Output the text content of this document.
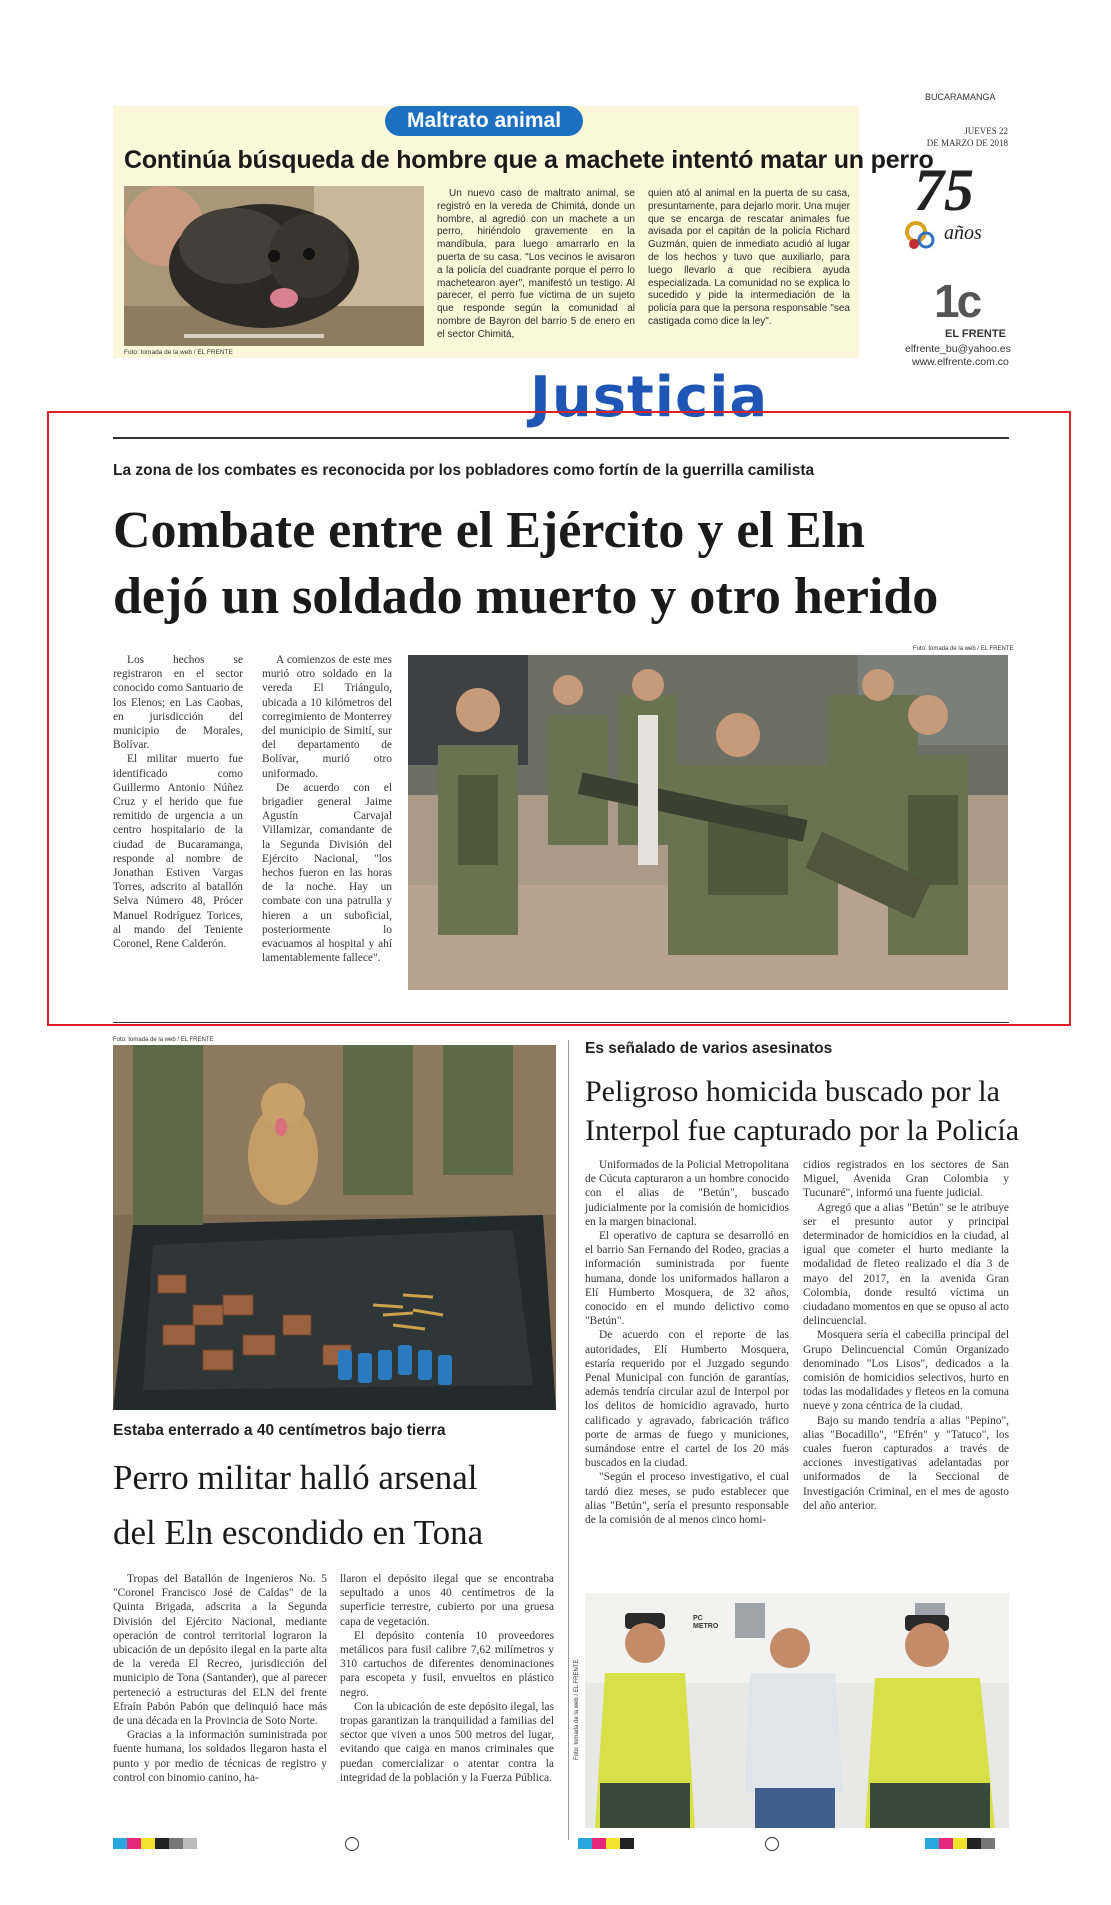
Maltrato animal
Continúa búsqueda de hombre que a machete intentó matar un perro
Foto: tomada de la web / EL FRENTE

Un nuevo caso de maltrato animal, se registró en la vereda de Chimitá, donde un hombre, al agredió con un machete a un perro, hiriéndolo gravemente en la mandíbula, para luego amarrarlo en la puerta de su casa. "Los vecinos le avisaron a la policía del cuadrante porque el perro lo machetearon ayer", manifestó un testigo. Al parecer, el perro fue víctima de un sujeto que responde según la comunidad al nombre de Bayron del barrio 5 de enero en el sector Chimitá,

quien ató al animal en la puerta de su casa, presuntamente, para dejarlo morir. Una mujer que se encarga de rescatar animales fue avisada por el capitán de la policía Richard Guzmán, quien de inmediato acudió al lugar de los hechos y tuvo que auxiliarlo, para luego llevarlo a que recibiera ayuda especializada. La comunidad no se explica lo sucedido y pide la intermediación de la policía para que la persona responsable "sea castigada como dice la ley".

BUCARAMANGA
JUEVES 22
DE MARZO DE 2018
75
años
1c
EL FRENTE
elfrente_bu@yahoo.es
www.elfrente.com.co
Justicia
La zona de los combates es reconocida por los pobladores como fortín de la guerrilla camilista
Combate entre el Ejército y el Eln
dejó un soldado muerto y otro herido

Los hechos se registraron en el sector conocido como Santuario de los Elenos; en Las Caobas, en jurisdicción del municipio de Morales, Bolívar.

El militar muerto fue identificado como Guillermo Antonio Núñez Cruz y el herido que fue remitido de urgencia a un centro hospitalario de la ciudad de Bucaramanga, responde al nombre de Jonathan Estiven Vargas Torres, adscrito al batallón Selva Número 48, Prócer Manuel Rodríguez Torices, al mando del Teniente Coronel, Rene Calderón.

A comienzos de este mes murió otro soldado en la vereda El Triángulo, ubicada a 10 kilómetros del corregimiento de Monterrey del municipio de Simití, sur del departamento de Bolívar, murió otro uniformado.

De acuerdo con el brigadier general Jaime Agustín Carvajal Villamizar, comandante de la Segunda División del Ejército Nacional, "los hechos fueron en las horas de la noche. Hay un combate con una patrulla y hieren a un suboficial, posteriormente lo evacuamos al hospital y ahí lamentablemente fallece".

Foto: tomada de la web / EL FRENTE
Foto: tomada de la web / EL FRENTE
Estaba enterrado a 40 centímetros bajo tierra
Perro militar halló arsenal
del Eln escondido en Tona

Tropas del Batallón de Ingenieros No. 5 "Coronel Francisco José de Caldas" de la Quinta Brigada, adscrita a la Segunda División del Ejército Nacional, mediante operación de control territorial lograron la ubicación de un depósito ilegal en la parte alta de la vereda El Recreo, jurisdicción del municipio de Tona (Santander), que al parecer perteneció a estructuras del ELN del frente Efraín Pabón Pabón que delinquió hace más de una década en la Provincia de Soto Norte.

Gracias a la información suministrada por fuente humana, los soldados llegaron hasta el punto y por medio de técnicas de registro y control con binomio canino, ha-

llaron el depósito ilegal que se encontraba sepultado a unos 40 centímetros de la superficie terrestre, cubierto por una gruesa capa de vegetación.

El depósito contenía 10 proveedores metálicos para fusil calibre 7,62 milímetros y 310 cartuchos de diferentes denominaciones para escopeta y fusil, envueltos en plástico negro.

Con la ubicación de este depósito ilegal, las tropas garantizan la tranquilidad a familias del sector que viven a unos 500 metros del lugar, evitando que caiga en manos criminales que puedan comercializar o atentar contra la integridad de la población y la Fuerza Pública.

Es señalado de varios asesinatos
Peligroso homicida buscado por la
Interpol fue capturado por la Policía

Uniformados de la Policial Metropolitana de Cúcuta capturaron a un hombre conocido con el alias de "Betún", buscado judicialmente por la comisión de homicidios en la margen binacional.

El operativo de captura se desarrolló en el barrio San Fernando del Rodeo, gracias a información suministrada por fuente humana, donde los uniformados hallaron a Elí Humberto Mosquera, de 32 años, conocido en el mundo delictivo como "Betún".

De acuerdo con el reporte de las autoridades, Elí Humberto Mosquera, estaría requerido por el Juzgado segundo Penal Municipal con función de garantías, además tendría circular azul de Interpol por los delitos de homicidio agravado, hurto calificado y agravado, fabricación tráfico porte de armas de fuego y municiones, sumándose entre el cartel de los 20 más buscados en la ciudad.

"Según el proceso investigativo, el cual tardó diez meses, se pudo establecer que alias "Betún", sería el presunto responsable de la comisión de al menos cinco homi-

cidios registrados en los sectores de San Miguel, Avenida Gran Colombia y Tucunaré", informó una fuente judicial.

Agregó que a alias "Betún" se le atribuye ser el presunto autor y principal determinador de homicidios en la ciudad, al igual que cometer el hurto mediante la modalidad de fleteo realizado el día 3 de mayo del 2017, en la avenida Gran Colombia, donde resultó víctima un ciudadano momentos en que se opuso al acto delincuencial.

Mosquera sería el cabecilla principal del Grupo Delincuencial Común Organizado denominado "Los Lisos", dedicados a la comisión de homicidios selectivos, hurto en todas las modalidades y fleteos en la comuna nueve y zona céntrica de la ciudad.

Bajo su mando tendría a alias "Pepino", alias "Bocadillo", "Efrén" y "Tatuco", los cuales fueron capturados a través de acciones investigativas adelantadas por uniformados de la Seccional de Investigación Criminal, en el mes de agosto del año anterior.

PC METRO
Foto: tomada de la web / EL FRENTE
